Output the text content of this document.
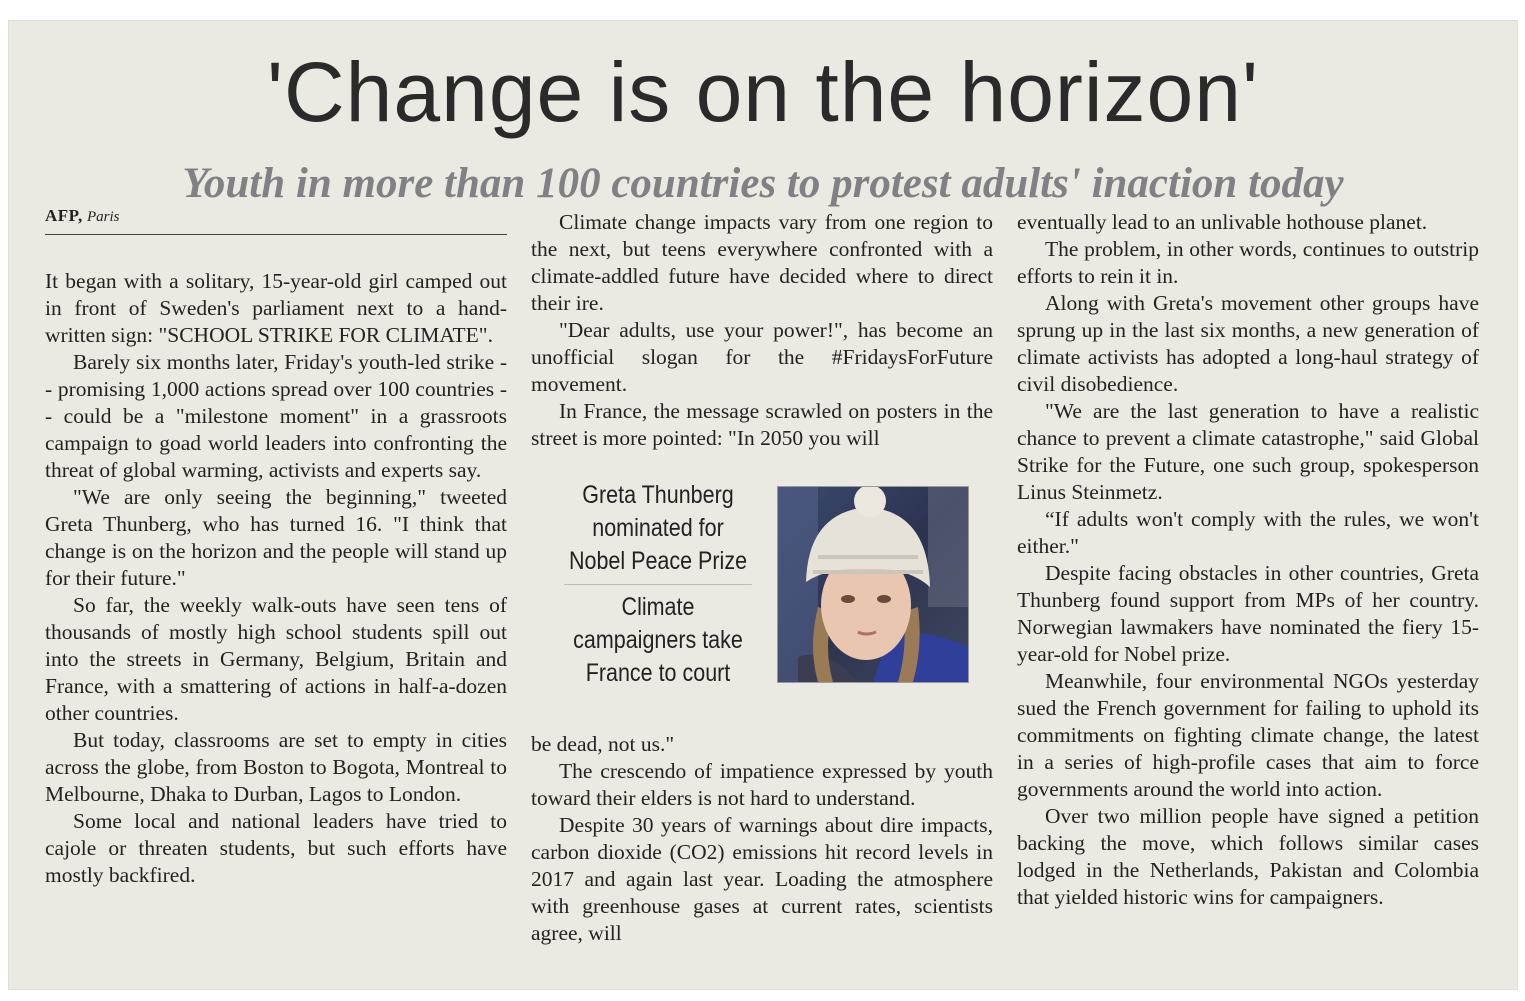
'Change is on the horizon'
Youth in more than 100 countries to protest adults' inaction today
AFP, Paris

It began with a solitary, 15-year-old girl camped out in front of Sweden's parliament next to a hand-written sign: "SCHOOL STRIKE FOR CLIMATE".

Barely six months later, Friday's youth-led strike -- promising 1,000 actions spread over 100 countries -- could be a "milestone moment" in a grassroots campaign to goad world leaders into confronting the threat of global warming, activists and experts say.

"We are only seeing the beginning," tweeted Greta Thunberg, who has turned 16. "I think that change is on the horizon and the people will stand up for their future."

So far, the weekly walk-outs have seen tens of thousands of mostly high school students spill out into the streets in Germany, Belgium, Britain and France, with a smattering of actions in half-a-dozen other countries.

But today, classrooms are set to empty in cities across the globe, from Boston to Bogota, Montreal to Melbourne, Dhaka to Durban, Lagos to London.

Some local and national leaders have tried to cajole or threaten students, but such efforts have mostly backfired.

Climate change impacts vary from one region to the next, but teens everywhere confronted with a climate-addled future have decided where to direct their ire.

"Dear adults, use your power!", has become an unofficial slogan for the #FridaysForFuture movement.

In France, the message scrawled on posters in the street is more pointed: "In 2050 you will

Greta Thunberg nominated for Nobel Peace Prize
Climate campaigners take France to court

be dead, not us."

The crescendo of impatience expressed by youth toward their elders is not hard to understand.

Despite 30 years of warnings about dire impacts, carbon dioxide (CO2) emissions hit record levels in 2017 and again last year. Loading the atmosphere with greenhouse gases at current rates, scientists agree, will

eventually lead to an unlivable hothouse planet.

The problem, in other words, continues to outstrip efforts to rein it in.

Along with Greta's movement other groups have sprung up in the last six months, a new generation of climate activists has adopted a long-haul strategy of civil disobedience.

"We are the last generation to have a realistic chance to prevent a climate catastrophe," said Global Strike for the Future, one such group, spokesperson Linus Steinmetz.

“If adults won't comply with the rules, we won't either."

Despite facing obstacles in other countries, Greta Thunberg found support from MPs of her country. Norwegian lawmakers have nominated the fiery 15-year-old for Nobel prize.

Meanwhile, four environmental NGOs yesterday sued the French government for failing to uphold its commitments on fighting climate change, the latest in a series of high-profile cases that aim to force governments around the world into action.

Over two million people have signed a petition backing the move, which follows similar cases lodged in the Netherlands, Pakistan and Colombia that yielded historic wins for campaigners.
